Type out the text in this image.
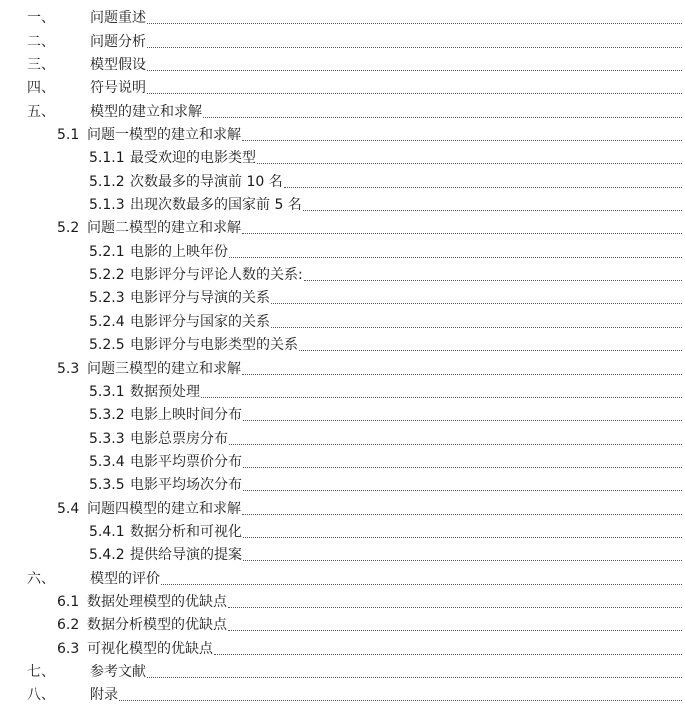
一、	问题重述
二、	问题分析
三、	模型假设
四、	符号说明
五、	模型的建立和求解
5.1 问题一模型的建立和求解
5.1.1 最受欢迎的电影类型
5.1.2 次数最多的导演前 10 名
5.1.3 出现次数最多的国家前 5 名
5.2 问题二模型的建立和求解
5.2.1 电影的上映年份
5.2.2 电影评分与评论人数的关系:
5.2.3 电影评分与导演的关系
5.2.4 电影评分与国家的关系
5.2.5 电影评分与电影类型的关系
5.3 问题三模型的建立和求解
5.3.1 数据预处理
5.3.2 电影上映时间分布
5.3.3 电影总票房分布
5.3.4 电影平均票价分布
5.3.5 电影平均场次分布
5.4 问题四模型的建立和求解
5.4.1 数据分析和可视化
5.4.2 提供给导演的提案
六、	模型的评价
6.1 数据处理模型的优缺点
6.2 数据分析模型的优缺点
6.3 可视化模型的优缺点
七、	参考文献
八、	附录
